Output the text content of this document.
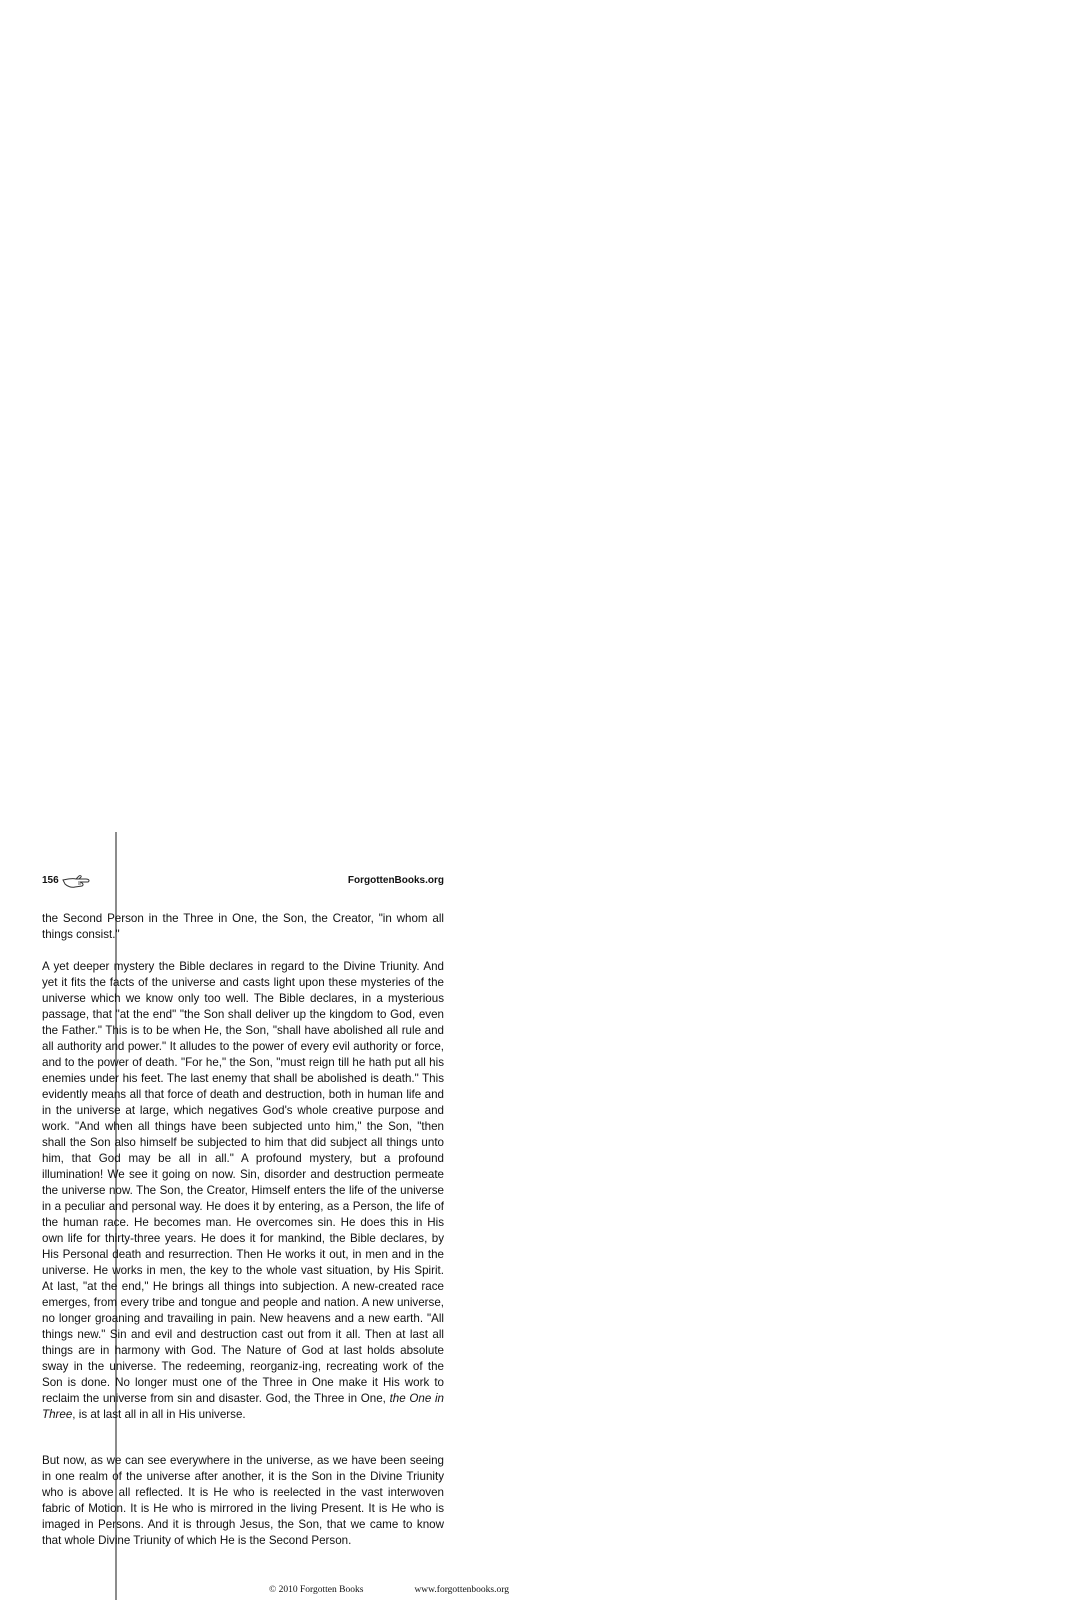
156	ForgottenBooks.org

the Second Person in the Three in One, the Son, the Creator, "in whom all things consist."

A yet deeper mystery the Bible declares in regard to the Divine Triunity. And yet it fits the facts of the universe and casts light upon these mysteries of the universe which we know only too well. The Bible declares, in a mysterious passage, that "at the end" "the Son shall deliver up the kingdom to God, even the Father." This is to be when He, the Son, "shall have abolished all rule and all authority and power." It alludes to the power of every evil authority or force, and to the power of death. "For he," the Son, "must reign till he hath put all his enemies under his feet. The last enemy that shall be abolished is death." This evidently means all that force of death and destruction, both in human life and in the universe at large, which negatives God's whole creative purpose and work. "And when all things have been subjected unto him," the Son, "then shall the Son also himself be subjected to him that did subject all things unto him, that God may be all in all." A profound mystery, but a profound illumination! We see it going on now. Sin, disorder and destruction permeate the universe now. The Son, the Creator, Himself enters the life of the universe in a peculiar and personal way. He does it by entering, as a Person, the life of the human race. He becomes man. He overcomes sin. He does this in His own life for thirty-three years. He does it for mankind, the Bible declares, by His Personal death and resurrection. Then He works it out, in men and in the universe. He works in men, the key to the whole vast situation, by His Spirit. At last, "at the end," He brings all things into subjection. A new-created race emerges, from every tribe and tongue and people and nation. A new universe, no longer groaning and travailing in pain. New heavens and a new earth. "All things new." Sin and evil and destruction cast out from it all. Then at last all things are in harmony with God. The Nature of God at last holds absolute sway in the universe. The redeeming, reorganiz-ing, recreating work of the Son is done. No longer must one of the Three in One make it His work to reclaim the universe from sin and disaster. God, the Three in One, the One in Three, is at last all in all in His universe.

But now, as we can see everywhere in the universe, as we have been seeing in one realm of the universe after another, it is the Son in the Divine Triunity who is above all reflected. It is He who is reelected in the vast interwoven fabric of Motion. It is He who is mirrored in the living Present. It is He who is imaged in Persons. And it is through Jesus, the Son, that we came to know that whole Divine Triunity of which He is the Second Person.

© 2010 Forgotten Books	www.forgottenbooks.org
